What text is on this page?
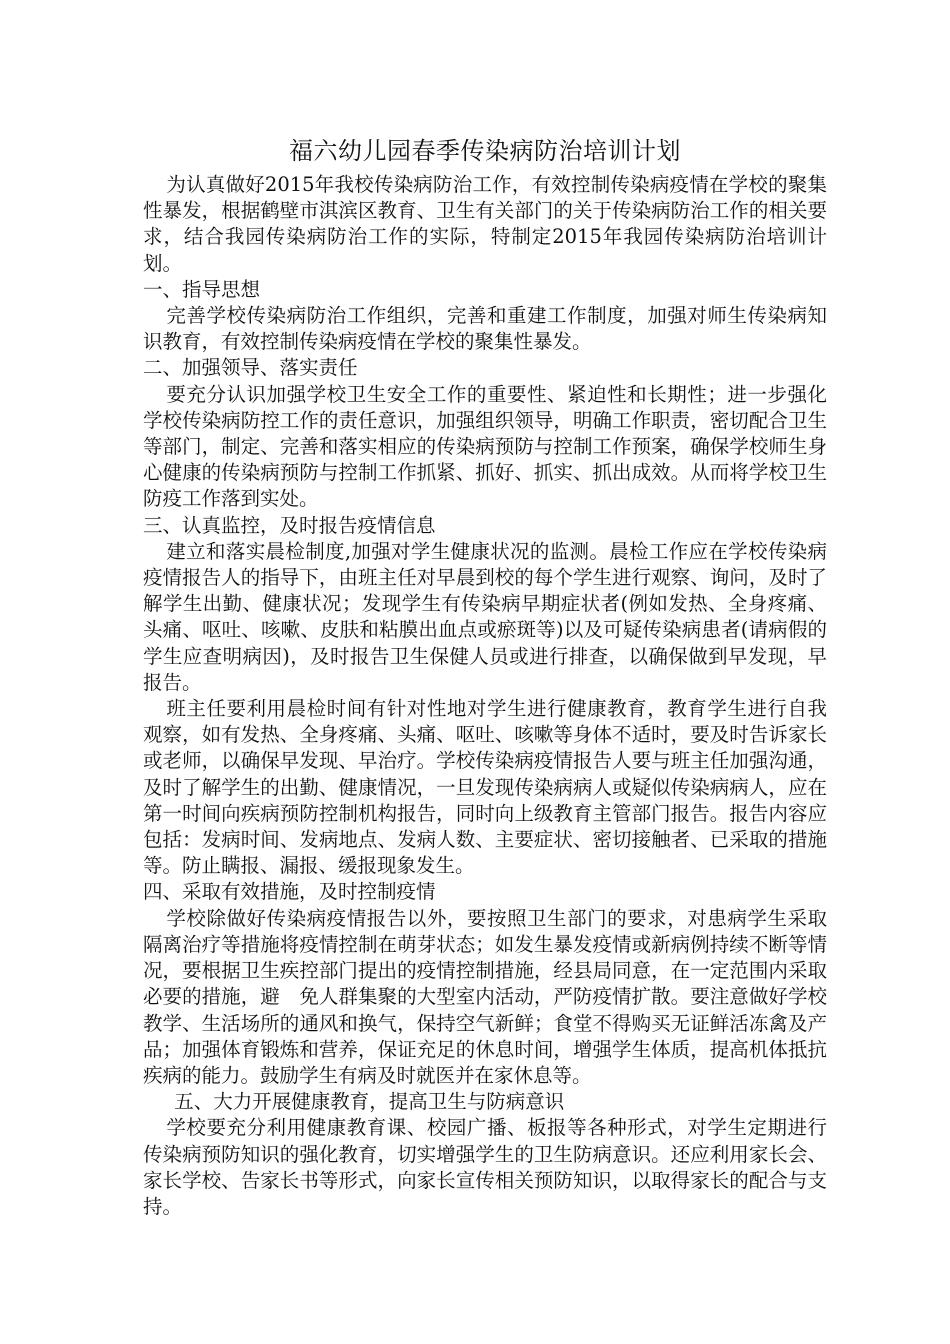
福六幼儿园春季传染病防治培训计划
为认真做好2015年我校传染病防治工作，有效控制传染病疫情在学校的聚集性暴发，根据鹤壁市淇滨区教育、卫生有关部门的关于传染病防治工作的相关要求，结合我园传染病防治工作的实际，特制定2015年我园传染病防治培训计划。
一、指导思想
完善学校传染病防治工作组织，完善和重建工作制度，加强对师生传染病知识教育，有效控制传染病疫情在学校的聚集性暴发。
二、加强领导、落实责任
要充分认识加强学校卫生安全工作的重要性、紧迫性和长期性；进一步强化学校传染病防控工作的责任意识，加强组织领导，明确工作职责，密切配合卫生等部门，制定、完善和落实相应的传染病预防与控制工作预案，确保学校师生身心健康的传染病预防与控制工作抓紧、抓好、抓实、抓出成效。从而将学校卫生防疫工作落到实处。
三、认真监控，及时报告疫情信息
建立和落实晨检制度,加强对学生健康状况的监测。晨检工作应在学校传染病疫情报告人的指导下，由班主任对早晨到校的每个学生进行观察、询问，及时了解学生出勤、健康状况；发现学生有传染病早期症状者(例如发热、全身疼痛、头痛、呕吐、咳嗽、皮肤和粘膜出血点或瘀斑等)以及可疑传染病患者(请病假的学生应查明病因)，及时报告卫生保健人员或进行排查，以确保做到早发现，早报告。
班主任要利用晨检时间有针对性地对学生进行健康教育，教育学生进行自我观察，如有发热、全身疼痛、头痛、呕吐、咳嗽等身体不适时，要及时告诉家长或老师，以确保早发现、早治疗。学校传染病疫情报告人要与班主任加强沟通，及时了解学生的出勤、健康情况，一旦发现传染病病人或疑似传染病病人，应在第一时间向疾病预防控制机构报告，同时向上级教育主管部门报告。报告内容应包括：发病时间、发病地点、发病人数、主要症状、密切接触者、已采取的措施等。防止瞒报、漏报、缓报现象发生。
四、采取有效措施，及时控制疫情
学校除做好传染病疫情报告以外，要按照卫生部门的要求，对患病学生采取隔离治疗等措施将疫情控制在萌芽状态；如发生暴发疫情或新病例持续不断等情况，要根据卫生疾控部门提出的疫情控制措施，经县局同意，在一定范围内采取必要的措施，避　免人群集聚的大型室内活动，严防疫情扩散。要注意做好学校教学、生活场所的通风和换气，保持空气新鲜；食堂不得购买无证鲜活冻禽及产品；加强体育锻炼和营养，保证充足的休息时间，增强学生体质，提高机体抵抗疾病的能力。鼓励学生有病及时就医并在家休息等。
五、大力开展健康教育，提高卫生与防病意识
学校要充分利用健康教育课、校园广播、板报等各种形式，对学生定期进行传染病预防知识的强化教育，切实增强学生的卫生防病意识。还应利用家长会、家长学校、告家长书等形式，向家长宣传相关预防知识，以取得家长的配合与支持。
